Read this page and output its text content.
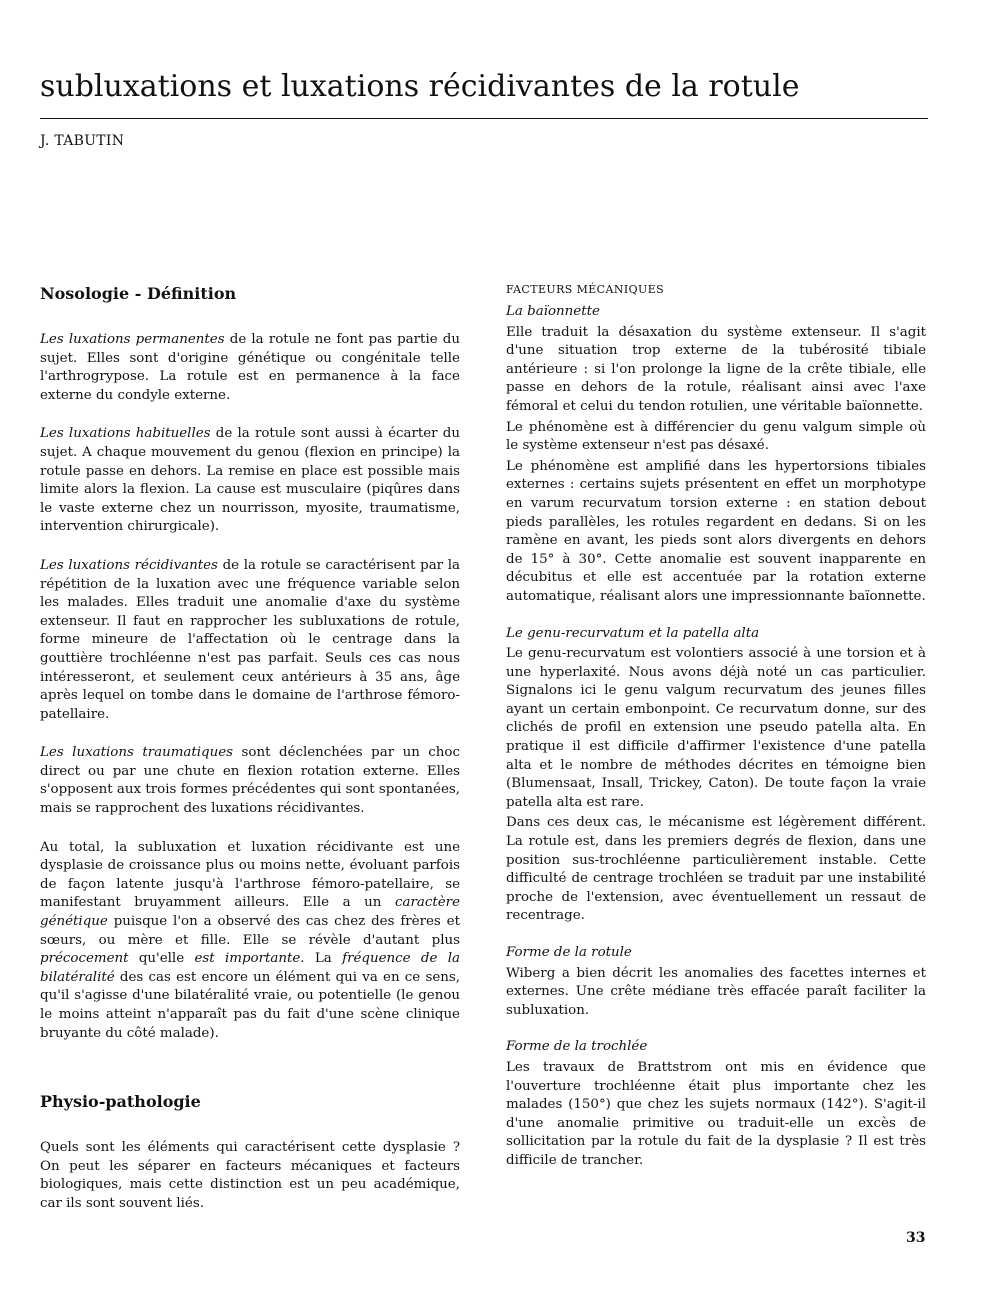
subluxations et luxations récidivantes de la rotule
J. TABUTIN
Nosologie - Définition

Les luxations permanentes de la rotule ne font pas partie du sujet. Elles sont d'origine génétique ou congénitale telle l'arthrogrypose. La rotule est en permanence à la face externe du condyle externe.

Les luxations habituelles de la rotule sont aussi à écarter du sujet. A chaque mouvement du genou (flexion en principe) la rotule passe en dehors. La remise en place est possible mais limite alors la flexion. La cause est musculaire (piqûres dans le vaste externe chez un nourrisson, myosite, traumatisme, intervention chirurgicale).

Les luxations récidivantes de la rotule se caractérisent par la répétition de la luxation avec une fréquence variable selon les malades. Elles traduit une anomalie d'axe du système extenseur. Il faut en rapprocher les subluxations de rotule, forme mineure de l'affectation où le centrage dans la gouttière trochléenne n'est pas parfait. Seuls ces cas nous intéresseront, et seulement ceux antérieurs à 35 ans, âge après lequel on tombe dans le domaine de l'arthrose fémoro-patellaire.

Les luxations traumatiques sont déclenchées par un choc direct ou par une chute en flexion rotation externe. Elles s'opposent aux trois formes précédentes qui sont spontanées, mais se rapprochent des luxations récidivantes.

Au total, la subluxation et luxation récidivante est une dysplasie de croissance plus ou moins nette, évoluant parfois de façon latente jusqu'à l'arthrose fémoro-patellaire, se manifestant bruyamment ailleurs. Elle a un caractère génétique puisque l'on a observé des cas chez des frères et sœurs, ou mère et fille. Elle se révèle d'autant plus précocement qu'elle est importante. La fréquence de la bilatéralité des cas est encore un élément qui va en ce sens, qu'il s'agisse d'une bilatéralité vraie, ou potentielle (le genou le moins atteint n'apparaît pas du fait d'une scène clinique bruyante du côté malade).

Physio-pathologie

Quels sont les éléments qui caractérisent cette dysplasie ? On peut les séparer en facteurs mécaniques et facteurs biologiques, mais cette distinction est un peu académique, car ils sont souvent liés.

FACTEURS MÉCANIQUES
La baïonnette

Elle traduit la désaxation du système extenseur. Il s'agit d'une situation trop externe de la tubérosité tibiale antérieure : si l'on prolonge la ligne de la crête tibiale, elle passe en dehors de la rotule, réalisant ainsi avec l'axe fémoral et celui du tendon rotulien, une véritable baïonnette.

Le phénomène est à différencier du genu valgum simple où le système extenseur n'est pas désaxé.

Le phénomène est amplifié dans les hypertorsions tibiales externes : certains sujets présentent en effet un morphotype en varum recurvatum torsion externe : en station debout pieds parallèles, les rotules regardent en dedans. Si on les ramène en avant, les pieds sont alors divergents en dehors de 15° à 30°. Cette anomalie est souvent inapparente en décubitus et elle est accentuée par la rotation externe automatique, réalisant alors une impressionnante baïonnette.

Le genu-recurvatum et la patella alta

Le genu-recurvatum est volontiers associé à une torsion et à une hyperlaxité. Nous avons déjà noté un cas particulier. Signalons ici le genu valgum recurvatum des jeunes filles ayant un certain embonpoint. Ce recurvatum donne, sur des clichés de profil en extension une pseudo patella alta. En pratique il est difficile d'affirmer l'existence d'une patella alta et le nombre de méthodes décrites en témoigne bien (Blumensaat, Insall, Trickey, Caton). De toute façon la vraie patella alta est rare.

Dans ces deux cas, le mécanisme est légèrement différent. La rotule est, dans les premiers degrés de flexion, dans une position sus-trochléenne particulièrement instable. Cette difficulté de centrage trochléen se traduit par une instabilité proche de l'extension, avec éventuellement un ressaut de recentrage.

Forme de la rotule

Wiberg a bien décrit les anomalies des facettes internes et externes. Une crête médiane très effacée paraît faciliter la subluxation.

Forme de la trochlée

Les travaux de Brattstrom ont mis en évidence que l'ouverture trochléenne était plus importante chez les malades (150°) que chez les sujets normaux (142°). S'agit-il d'une anomalie primitive ou traduit-elle un excès de sollicitation par la rotule du fait de la dysplasie ? Il est très difficile de trancher.

33
